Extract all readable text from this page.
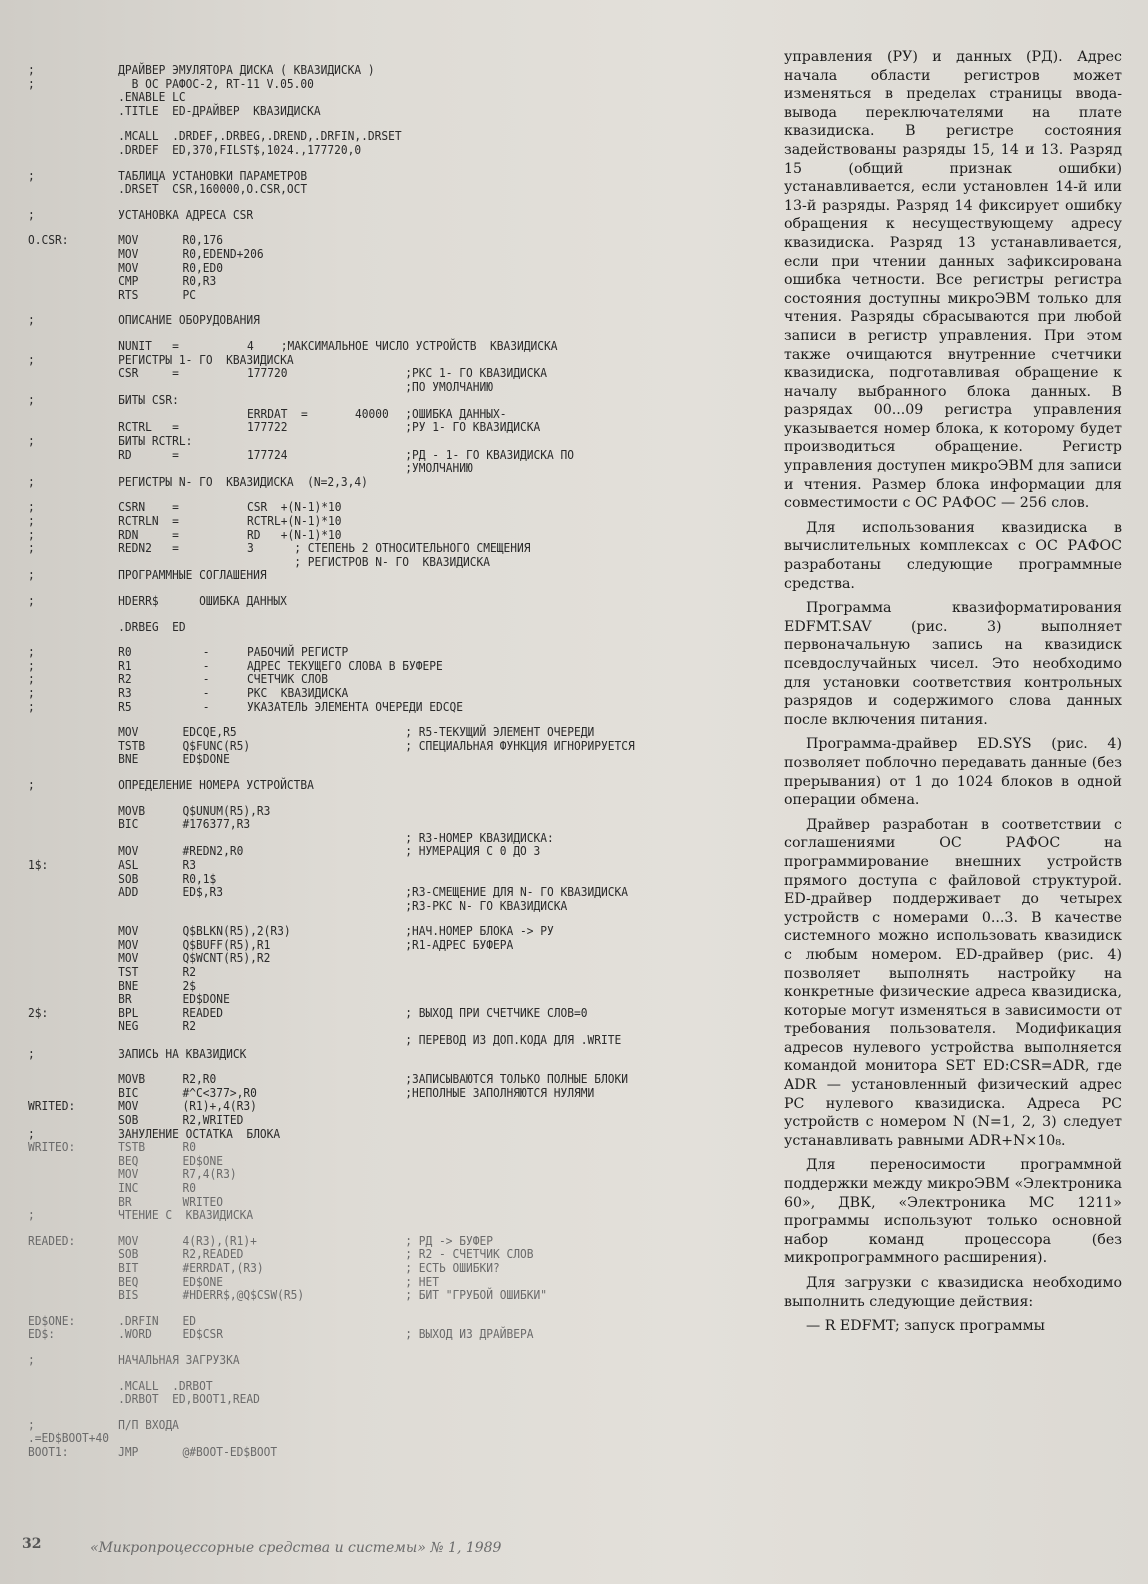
;	ДРАЙВЕР ЭМУЛЯТОРА ДИСКА ( КВАЗИДИСКА )
;	В ОС РАФОС-2, RT-11 V.05.00
.ENABLE LC
.TITLE  ED-ДРАЙВЕР  КВАЗИДИСКА
.MCALL  .DRDEF,.DRBEG,.DREND,.DRFIN,.DRSET
.DRDEF  ED,370,FILST$,1024.,177720,0
;	ТАБЛИЦА УСТАНОВКИ ПАРАМЕТРОВ
.DRSET  CSR,160000,O.CSR,OCT
;	УСТАНОВКА АДРЕСА CSR
O.CSR:	MOV	R0,176
MOV	R0,EDEND+206
MOV	R0,ED0
CMP	R0,R3
RTS	PC
;	ОПИСАНИЕ ОБОРУДОВАНИЯ
NUNIT   =	4    ;МАКСИМАЛЬНОЕ ЧИСЛО УСТРОЙСТВ  КВАЗИДИСКА
;	РЕГИСТРЫ 1- ГО  КВАЗИДИСКА
CSR     =	177720	;РКС 1- ГО КВАЗИДИСКА
;ПО УМОЛЧАНИЮ
;	БИТЫ CSR:
ERRDAT  =       40000 ;ОШИБКА ДАННЫХ-
RCTRL   =	177722	;РУ 1- ГО КВАЗИДИСКА
;	БИТЫ RCTRL:
RD      =	177724	;РД - 1- ГО КВАЗИДИСКА ПО
;УМОЛЧАНИЮ
;	РЕГИСТРЫ N- ГО  КВАЗИДИСКА  (N=2,3,4)
;	CSRN    =	CSR  +(N-1)*10
;	RCTRLN  =	RCTRL+(N-1)*10
;	RDN     =	RD   +(N-1)*10
;	REDN2   =	3      ; СТЕПЕНЬ 2 ОТНОСИТЕЛЬНОГО СМЕЩЕНИЯ
; РЕГИСТРОВ N- ГО  КВАЗИДИСКА
;	ПРОГРАММНЫЕ СОГЛАШЕНИЯ
;	HDERR$      ОШИБКА ДАННЫХ
.DRBEG  ED
;	R0	-	РАБОЧИЙ РЕГИСТР
;	R1	-	АДРЕС ТЕКУЩЕГО СЛОВА В БУФЕРЕ
;	R2	-	СЧЕТЧИК СЛОВ
;	R3	-	РКС  КВАЗИДИСКА
;	R5	-	УКАЗАТЕЛЬ ЭЛЕМЕНТА ОЧЕРЕДИ EDCQE
MOV	EDCQE,R5	; R5-ТЕКУЩИЙ ЭЛЕМЕНТ ОЧЕРЕДИ
TSTB	Q$FUNC(R5)	; СПЕЦИАЛЬНАЯ ФУНКЦИЯ ИГНОРИРУЕТСЯ
BNE	ED$DONE
;	ОПРЕДЕЛЕНИЕ НОМЕРА УСТРОЙСТВА
MOVB	Q$UNUM(R5),R3
BIC	#176377,R3
; R3-НОМЕР КВАЗИДИСКА:
MOV	#REDN2,R0	; НУМЕРАЦИЯ С 0 ДО 3
1$:	ASL	R3
SOB	R0,1$
ADD	ED$,R3	;R3-СМЕЩЕНИЕ ДЛЯ N- ГО КВАЗИДИСКА
;R3-РКС N- ГО КВАЗИДИСКА
MOV	Q$BLKN(R5),2(R3)	;НАЧ.НОМЕР БЛОКА -> РУ
MOV	Q$BUFF(R5),R1	;R1-АДРЕС БУФЕРА
MOV	Q$WCNT(R5),R2
TST	R2
BNE	2$
BR	ED$DONE
2$:	BPL	READED	; ВЫХОД ПРИ СЧЕТЧИКЕ СЛОВ=0
NEG	R2
; ПЕРЕВОД ИЗ ДОП.КОДА ДЛЯ .WRITE
;	ЗАПИСЬ НА КВАЗИДИСК
MOVB	R2,R0	;ЗАПИСЫВАЮТСЯ ТОЛЬКО ПОЛНЫЕ БЛОКИ
BIC	#^C<377>,R0	;НЕПОЛНЫЕ ЗАПОЛНЯЮТСЯ НУЛЯМИ
WRITED:	MOV	(R1)+,4(R3)
SOB	R2,WRITED
;	ЗАНУЛЕНИЕ ОСТАТКА  БЛОКА
WRITEO:	TSTB	R0
BEQ	ED$ONE
MOV	R7,4(R3)
INC	R0
BR	WRITEO
;	ЧТЕНИЕ С  КВАЗИДИСКА
READED:	MOV	4(R3),(R1)+	; РД -> БУФЕР
SOB	R2,READED	; R2 - СЧЕТЧИК СЛОВ
BIT	#ERRDAT,(R3)	; ЕСТЬ ОШИБКИ?
BEQ	ED$ONE	; НЕТ
BIS	#HDERR$,@Q$CSW(R5)	; БИТ "ГРУБОЙ ОШИБКИ"
ED$ONE:	.DRFIN ED
ED$:	.WORD	ED$CSR	; ВЫХОД ИЗ ДРАЙВЕРА
;	НАЧАЛЬНАЯ ЗАГРУЗКА
.MCALL  .DRBOT
.DRBOT  ED,BOOT1,READ
;	П/П ВХОДА
.=ED$BOOT+40
BOOT1:	JMP	@#BOOT-ED$BOOT

управления (РУ) и данных (РД). Адрес начала области регистров может изменяться в пределах страницы ввода-вывода переключателями на плате квазидиска. В регистре состояния задействованы разряды 15, 14 и 13. Разряд 15 (общий признак ошибки) устанавливается, если установлен 14-й или 13-й разряды. Разряд 14 фиксирует ошибку обращения к несуществующему адресу квазидиска. Разряд 13 устанавливается, если при чтении данных зафиксирована ошибка четности. Все регистры регистра состояния доступны микроЭВМ только для чтения. Разряды сбрасываются при любой записи в регистр управления. При этом также очищаются внутренние счетчики квазидиска, подготавливая обращение к началу выбранного блока данных. В разрядах 00...09 регистра управления указывается номер блока, к которому будет производиться обращение. Регистр управления доступен микроЭВМ для записи и чтения. Размер блока информации для совместимости с ОС РАФОС — 256 слов.

Для использования квазидиска в вычислительных комплексах с ОС РАФОС разработаны следующие программные средства.

Программа квазиформатирования EDFMT.SAV (рис. 3) выполняет первоначальную запись на квазидиск псевдослучайных чисел. Это необходимо для установки соответствия контрольных разрядов и содержимого слова данных после включения питания.

Программа-драйвер ED.SYS (рис. 4) позволяет поблочно передавать данные (без прерывания) от 1 до 1024 блоков в одной операции обмена.

Драйвер разработан в соответствии с соглашениями ОС РАФОС на программирование внешних устройств прямого доступа с файловой структурой. ED-драйвер поддерживает до четырех устройств с номерами 0...3. В качестве системного можно использовать квазидиск с любым номером. ED-драйвер (рис. 4) позволяет выполнять настройку на конкретные физические адреса квазидиска, которые могут изменяться в зависимости от требования пользователя. Модификация адресов нулевого устройства выполняется командой монитора SET ED:CSR=ADR, где ADR — установленный физический адрес РС нулевого квазидиска. Адреса РС устройств с номером N (N=1, 2, 3) следует устанавливать равными ADR+N×10₈.

Для переносимости программной поддержки между микроЭВМ «Электроника 60», ДВК, «Электроника МС 1211» программы используют только основной набор команд процессора (без микропрограммного расширения).

Для загрузки с квазидиска необходимо выполнить следующие действия:

— R EDFMT; запуск программы

32	«Микропроцессорные средства и системы» № 1, 1989
